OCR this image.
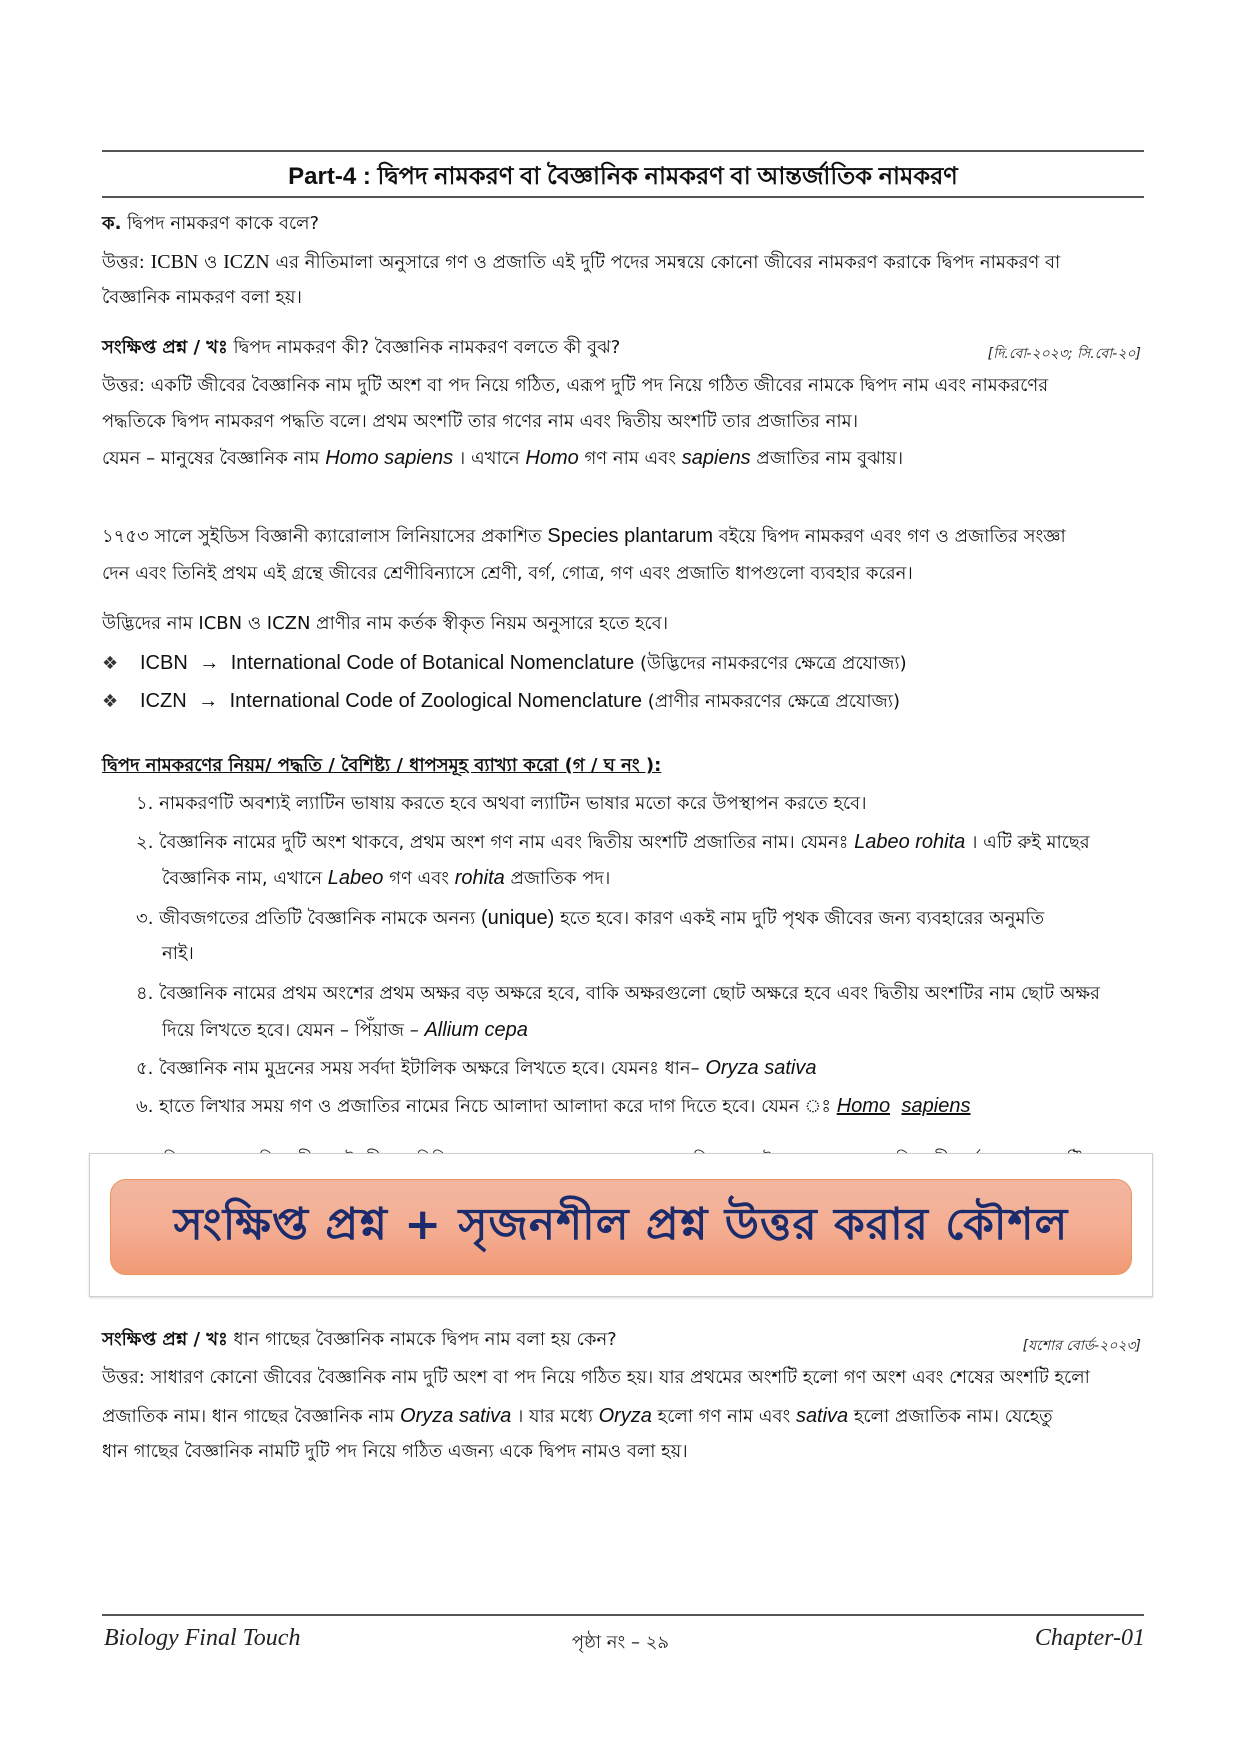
Part-4 : দ্বিপদ নামকরণ বা বৈজ্ঞানিক নামকরণ বা আন্তর্জাতিক নামকরণ
ক. দ্বিপদ নামকরণ কাকে বলে?
উত্তর: ICBN ও ICZN এর নীতিমালা অনুসারে গণ ও প্রজাতি এই দুটি পদের সমন্বয়ে কোনো জীবের নামকরণ করাকে দ্বিপদ নামকরণ বা
বৈজ্ঞানিক নামকরণ বলা হয়।
সংক্ষিপ্ত প্রশ্ন / খঃ দ্বিপদ নামকরণ কী? বৈজ্ঞানিক নামকরণ বলতে কী বুঝ?	[দি.বো-২০২৩; সি.বো-২০]
উত্তর: একটি জীবের বৈজ্ঞানিক নাম দুটি অংশ বা পদ নিয়ে গঠিত, এরূপ দুটি পদ নিয়ে গঠিত জীবের নামকে দ্বিপদ নাম এবং নামকরণের
পদ্ধতিকে দ্বিপদ নামকরণ পদ্ধতি বলে। প্রথম অংশটি তার গণের নাম এবং দ্বিতীয় অংশটি তার প্রজাতির নাম।
যেমন – মানুষের বৈজ্ঞানিক নাম Homo sapiens । এখানে Homo গণ নাম এবং sapiens প্রজাতির নাম বুঝায়।
১৭৫৩ সালে সুইডিস বিজ্ঞানী ক্যারোলাস লিনিয়াসের প্রকাশিত Species plantarum বইয়ে দ্বিপদ নামকরণ এবং গণ ও প্রজাতির সংজ্ঞা
দেন এবং তিনিই প্রথম এই গ্রন্থে জীবের শ্রেণীবিন্যাসে শ্রেণী, বর্গ, গোত্র, গণ এবং প্রজাতি ধাপগুলো ব্যবহার করেন।
উদ্ভিদের নাম ICBN ও ICZN প্রাণীর নাম কর্তক স্বীকৃত নিয়ম অনুসারে হতে হবে।
❖ ICBN → International Code of Botanical Nomenclature (উদ্ভিদের নামকরণের ক্ষেত্রে প্রযোজ্য)
❖ ICZN → International Code of Zoological Nomenclature (প্রাণীর নামকরণের ক্ষেত্রে প্রযোজ্য)
দ্বিপদ নামকরণের নিয়ম/ পদ্ধতি / বৈশিষ্ট্য / ধাপসমূহ ব্যাখ্যা করো (গ / ঘ নং ):
১. নামকরণটি অবশ্যই ল্যাটিন ভাষায় করতে হবে অথবা ল্যাটিন ভাষার মতো করে উপস্থাপন করতে হবে।
২. বৈজ্ঞানিক নামের দুটি অংশ থাকবে, প্রথম অংশ গণ নাম এবং দ্বিতীয় অংশটি প্রজাতির নাম। যেমনঃ Labeo rohita । এটি রুই মাছের
বৈজ্ঞানিক নাম, এখানে Labeo গণ এবং rohita প্রজাতিক পদ।
৩. জীবজগতের প্রতিটি বৈজ্ঞানিক নামকে অনন্য (unique) হতে হবে। কারণ একই নাম দুটি পৃথক জীবের জন্য ব্যবহারের অনুমতি
নাই।
৪. বৈজ্ঞানিক নামের প্রথম অংশের প্রথম অক্ষর বড় অক্ষরে হবে, বাকি অক্ষরগুলো ছোট অক্ষরে হবে এবং দ্বিতীয় অংশটির নাম ছোট অক্ষর
দিয়ে লিখতে হবে। যেমন – পিঁয়াজ – Allium cepa
৫. বৈজ্ঞানিক নাম মুদ্রনের সময় সর্বদা ইটালিক অক্ষরে লিখতে হবে। যেমনঃ ধান– Oryza sativa
৬. হাতে লিখার সময় গণ ও প্রজাতির নামের নিচে আলাদা আলাদা করে দাগ দিতে হবে। যেমন ঃ Homo sapiens
সংক্ষিপ্ত প্রশ্ন + সৃজনশীল প্রশ্ন উত্তর করার কৌশল
সংক্ষিপ্ত প্রশ্ন / খঃ ধান গাছের বৈজ্ঞানিক নামকে দ্বিপদ নাম বলা হয় কেন?	[যশোর বোর্ড-২০২৩]
উত্তর: সাধারণ কোনো জীবের বৈজ্ঞানিক নাম দুটি অংশ বা পদ নিয়ে গঠিত হয়। যার প্রথমের অংশটি হলো গণ অংশ এবং শেষের অংশটি হলো
প্রজাতিক নাম। ধান গাছের বৈজ্ঞানিক নাম Oryza sativa । যার মধ্যে Oryza হলো গণ নাম এবং sativa হলো প্রজাতিক নাম। যেহেতু
ধান গাছের বৈজ্ঞানিক নামটি দুটি পদ নিয়ে গঠিত এজন্য একে দ্বিপদ নামও বলা হয়।
Biology Final Touch	পৃষ্ঠা নং – ২৯	Chapter-01
